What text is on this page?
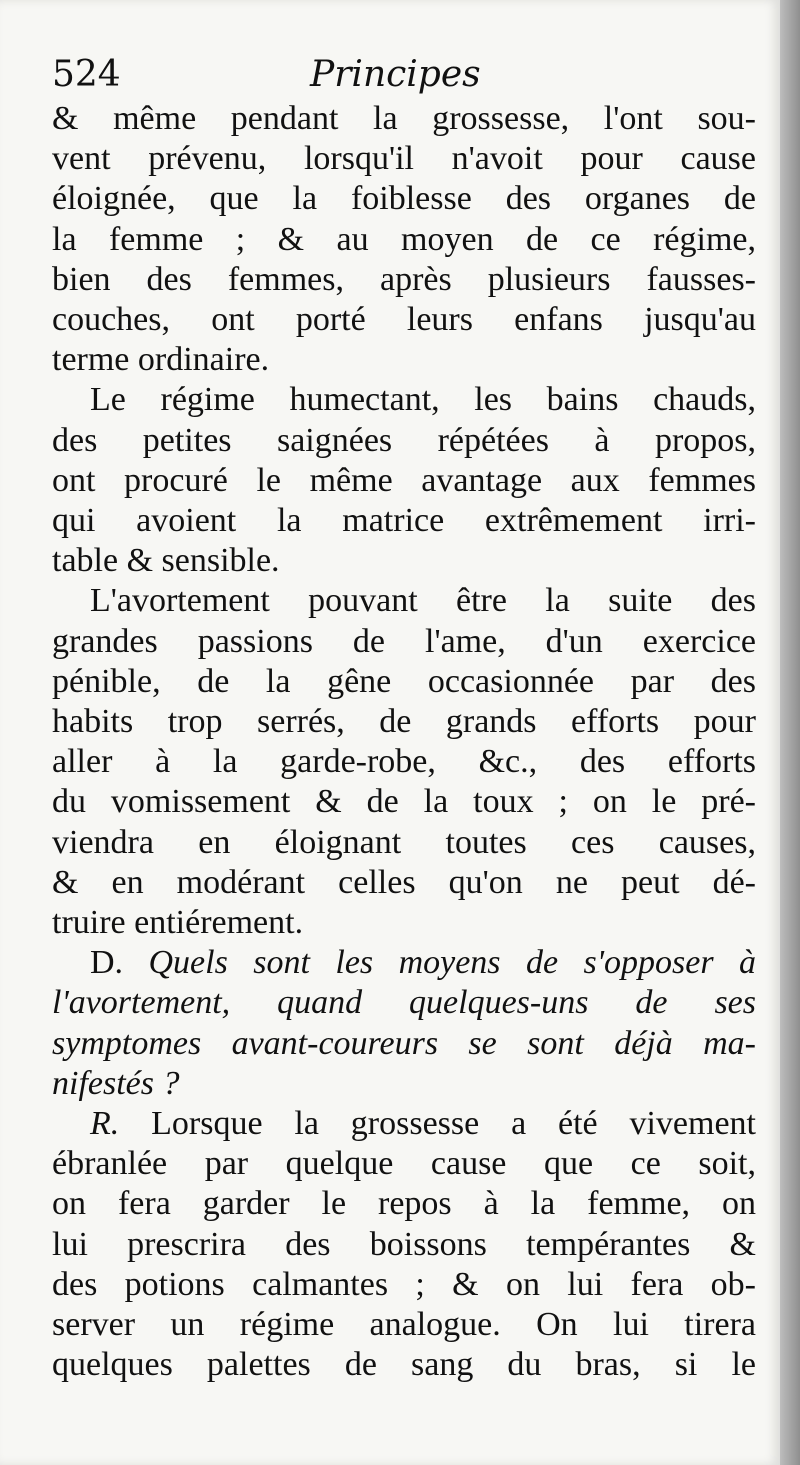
524	Principes
& même pendant la grossesse, l'ont sou-
vent prévenu, lorsqu'il n'avoit pour cause
éloignée, que la foiblesse des organes de
la femme ; & au moyen de ce régime,
bien des femmes, après plusieurs fausses-
couches, ont porté leurs enfans jusqu'au
terme ordinaire.
Le régime humectant, les bains chauds,
des petites saignées répétées à propos,
ont procuré le même avantage aux femmes
qui avoient la matrice extrêmement irri-
table & sensible.
L'avortement pouvant être la suite des
grandes passions de l'ame, d'un exercice
pénible, de la gêne occasionnée par des
habits trop serrés, de grands efforts pour
aller à la garde-robe, &c., des efforts
du vomissement & de la toux ; on le pré-
viendra en éloignant toutes ces causes,
& en modérant celles qu'on ne peut dé-
truire entiérement.
D. Quels sont les moyens de s'opposer à
l'avortement, quand quelques-uns de ses
symptomes avant-coureurs se sont déjà ma-
nifestés ?
R. Lorsque la grossesse a été vivement
ébranlée par quelque cause que ce soit,
on fera garder le repos à la femme, on
lui prescrira des boissons tempérantes &
des potions calmantes ; & on lui fera ob-
server un régime analogue. On lui tirera
quelques palettes de sang du bras, si le
